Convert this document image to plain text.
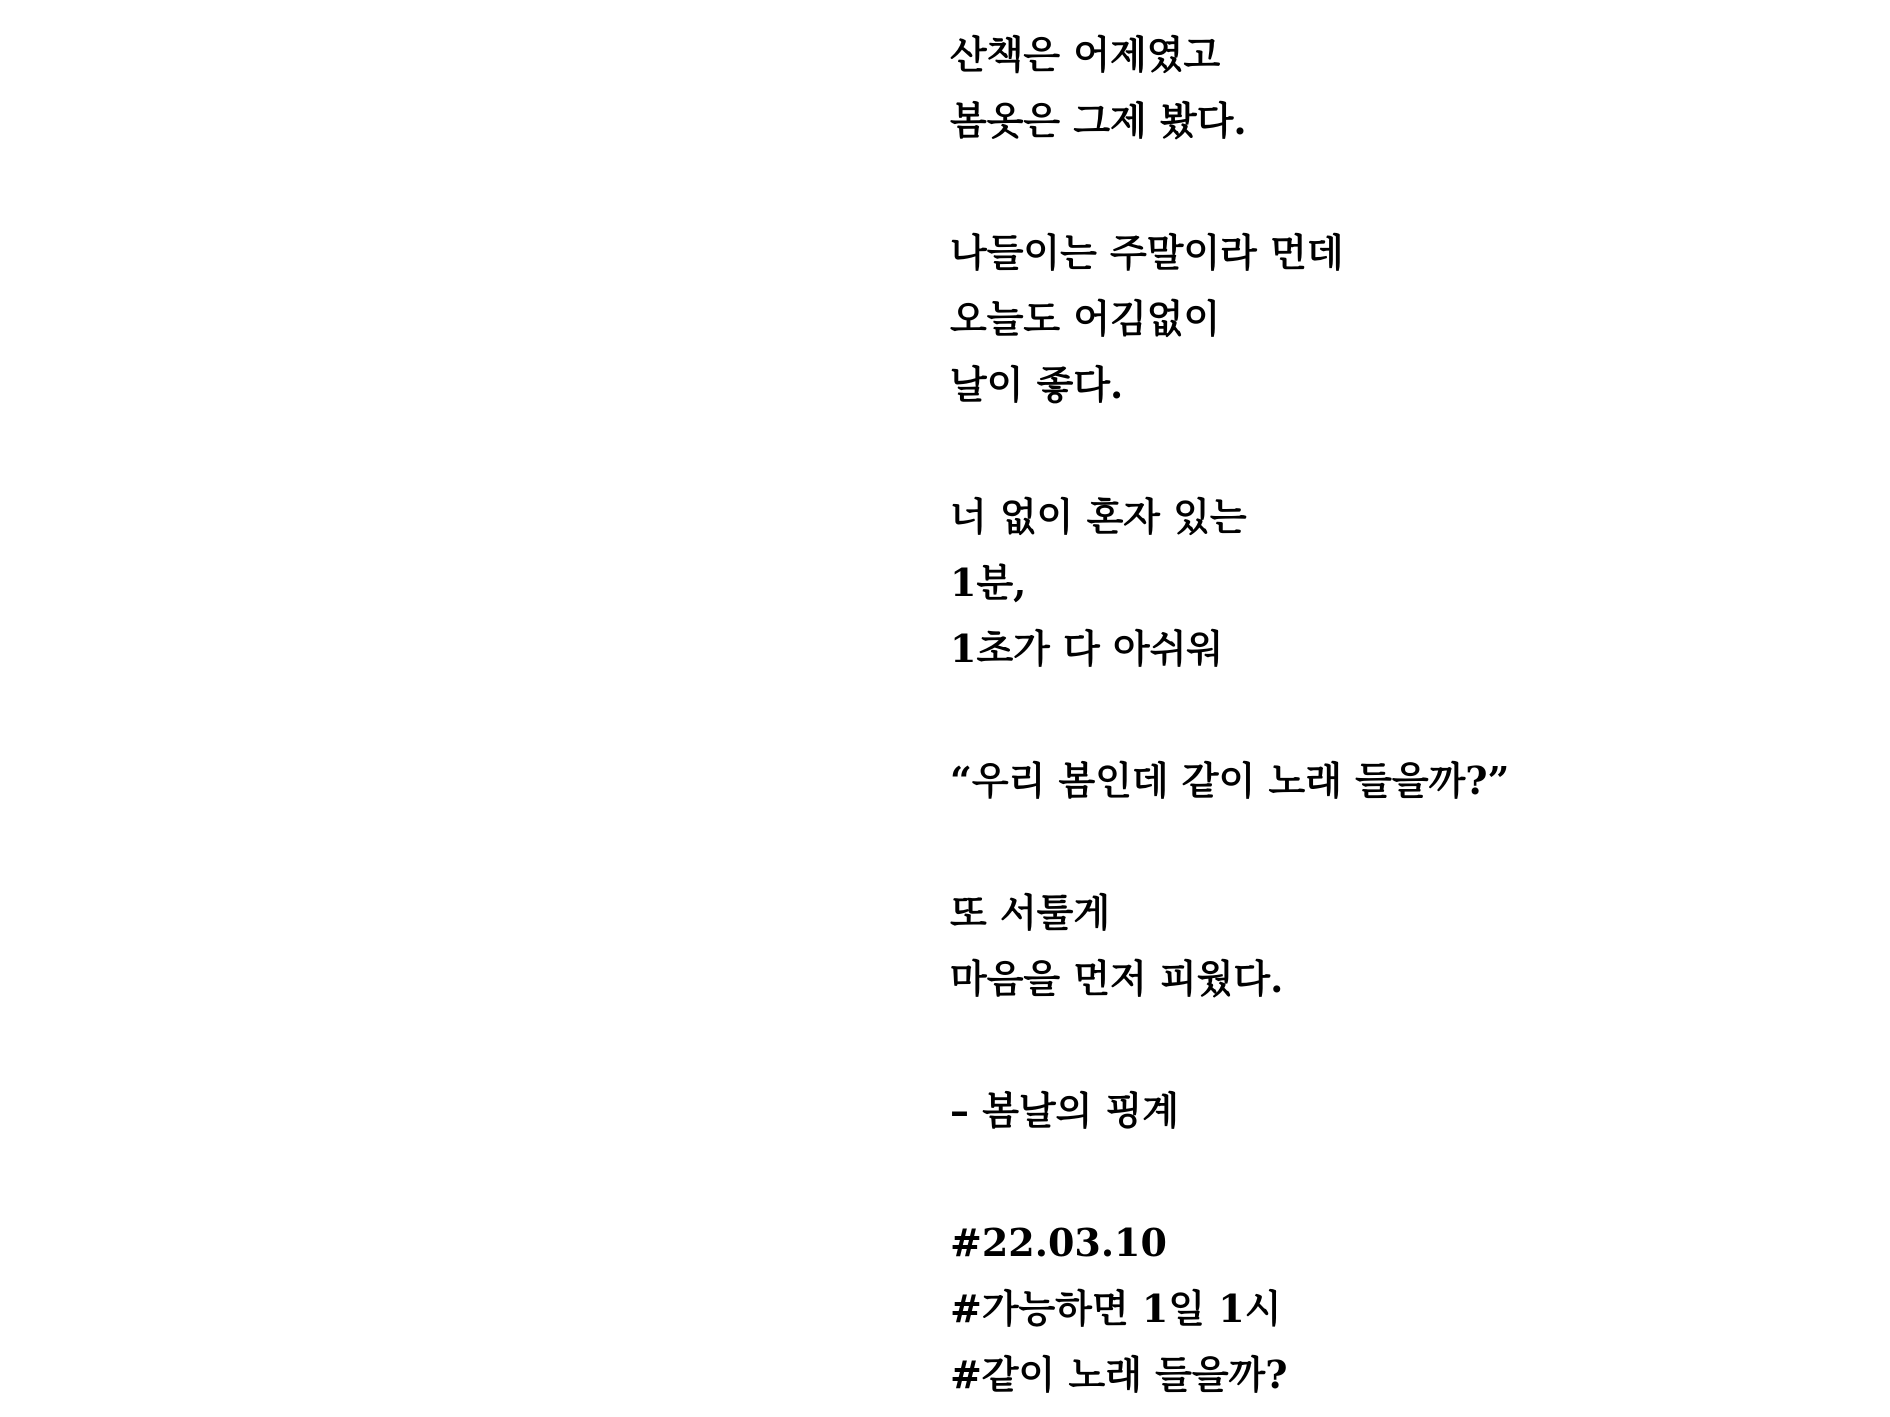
산책은 어제였고
봄옷은 그제 봤다.
나들이는 주말이라 먼데
오늘도 어김없이
날이 좋다.
너 없이 혼자 있는
1분,
1초가 다 아쉬워
“우리 봄인데 같이 노래 들을까?”
또 서툴게
마음을 먼저 피웠다.
– 봄날의 핑계
#22.03.10
#가능하면 1일 1시
#같이 노래 들을까?
